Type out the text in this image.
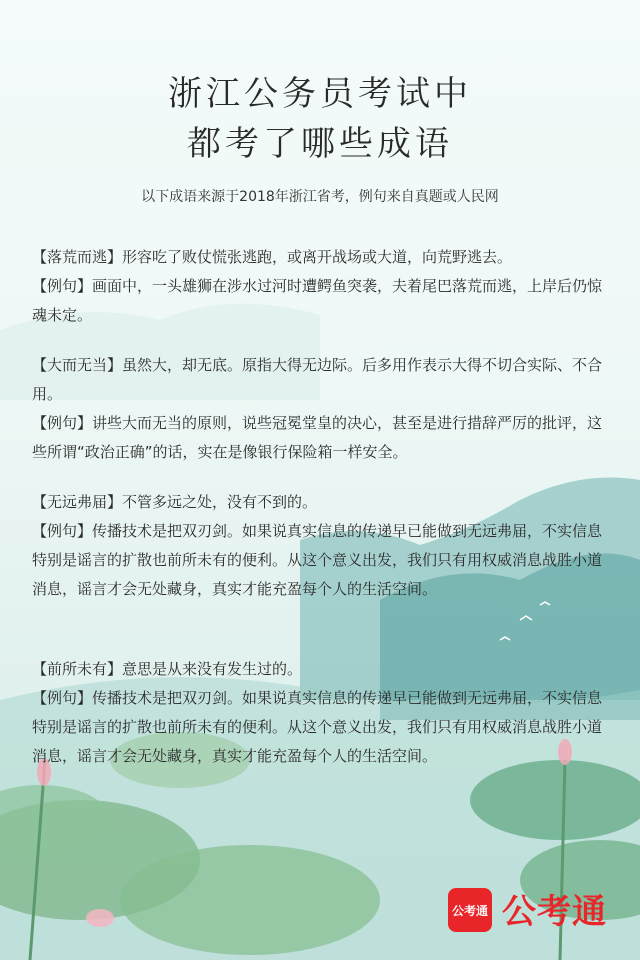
浙江公务员考试中
都考了哪些成语
以下成语来源于2018年浙江省考，例句来自真题或人民网

【落荒而逃】形容吃了败仗慌张逃跑，或离开战场或大道，向荒野逃去。

【例句】画面中，一头雄狮在涉水过河时遭鳄鱼突袭，夫着尾巴落荒而逃，上岸后仍惊魂未定。

【大而无当】虽然大，却无底。原指大得无边际。后多用作表示大得不切合实际、不合用。

【例句】讲些大而无当的原则，说些冠冕堂皇的决心，甚至是进行措辞严厉的批评，这些所谓“政治正确”的话，实在是像银行保险箱一样安全。

【无远弗届】不管多远之处，没有不到的。

【例句】传播技术是把双刃剑。如果说真实信息的传递早已能做到无远弗届，不实信息特别是谣言的扩散也前所未有的便利。从这个意义出发，我们只有用权威消息战胜小道消息，谣言才会无处藏身，真实才能充盈每个人的生活空间。

【前所未有】意思是从来没有发生过的。

【例句】传播技术是把双刃剑。如果说真实信息的传递早已能做到无远弗届，不实信息特别是谣言的扩散也前所未有的便利。从这个意义出发，我们只有用权威消息战胜小道消息，谣言才会无处藏身，真实才能充盈每个人的生活空间。

公考通 公考通
